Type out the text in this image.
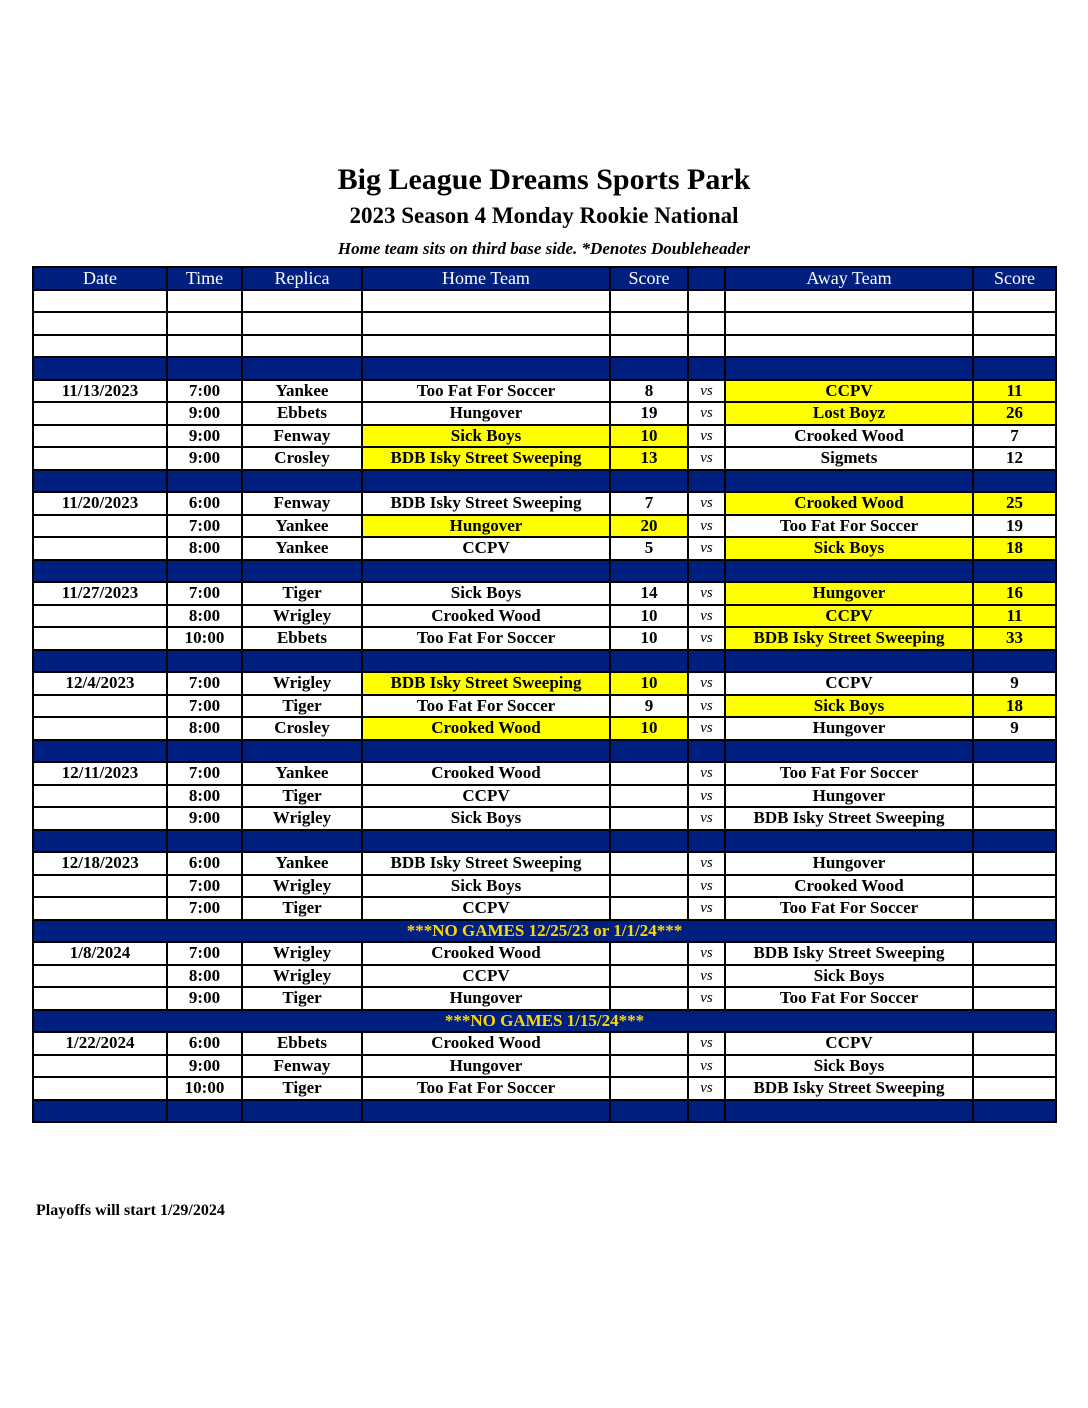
Big League Dreams Sports Park
2023 Season 4 Monday Rookie National
Home team sits on third base side. *Denotes Doubleheader
Date	Time	Replica	Home Team	Score		Away Team	Score

11/13/2023	7:00	Yankee	Too Fat For Soccer	8	vs	CCPV	11
	9:00	Ebbets	Hungover	19	vs	Lost Boyz	26
	9:00	Fenway	Sick Boys	10	vs	Crooked Wood	7
	9:00	Crosley	BDB Isky Street Sweeping	13	vs	Sigmets	12

11/20/2023	6:00	Fenway	BDB Isky Street Sweeping	7	vs	Crooked Wood	25
	7:00	Yankee	Hungover	20	vs	Too Fat For Soccer	19
	8:00	Yankee	CCPV	5	vs	Sick Boys	18

11/27/2023	7:00	Tiger	Sick Boys	14	vs	Hungover	16
	8:00	Wrigley	Crooked Wood	10	vs	CCPV	11
	10:00	Ebbets	Too Fat For Soccer	10	vs	BDB Isky Street Sweeping	33

12/4/2023	7:00	Wrigley	BDB Isky Street Sweeping	10	vs	CCPV	9
	7:00	Tiger	Too Fat For Soccer	9	vs	Sick Boys	18
	8:00	Crosley	Crooked Wood	10	vs	Hungover	9

12/11/2023	7:00	Yankee	Crooked Wood		vs	Too Fat For Soccer	
	8:00	Tiger	CCPV		vs	Hungover	
	9:00	Wrigley	Sick Boys		vs	BDB Isky Street Sweeping	

12/18/2023	6:00	Yankee	BDB Isky Street Sweeping		vs	Hungover	
	7:00	Wrigley	Sick Boys		vs	Crooked Wood	
	7:00	Tiger	CCPV		vs	Too Fat For Soccer	
***NO GAMES 12/25/23 or 1/1/24***							
1/8/2024	7:00	Wrigley	Crooked Wood		vs	BDB Isky Street Sweeping	
	8:00	Wrigley	CCPV		vs	Sick Boys	
	9:00	Tiger	Hungover		vs	Too Fat For Soccer	
***NO GAMES 1/15/24***							
1/22/2024	6:00	Ebbets	Crooked Wood		vs	CCPV	
	9:00	Fenway	Hungover		vs	Sick Boys	
	10:00	Tiger	Too Fat For Soccer		vs	BDB Isky Street Sweeping	

Playoffs will start 1/29/2024
